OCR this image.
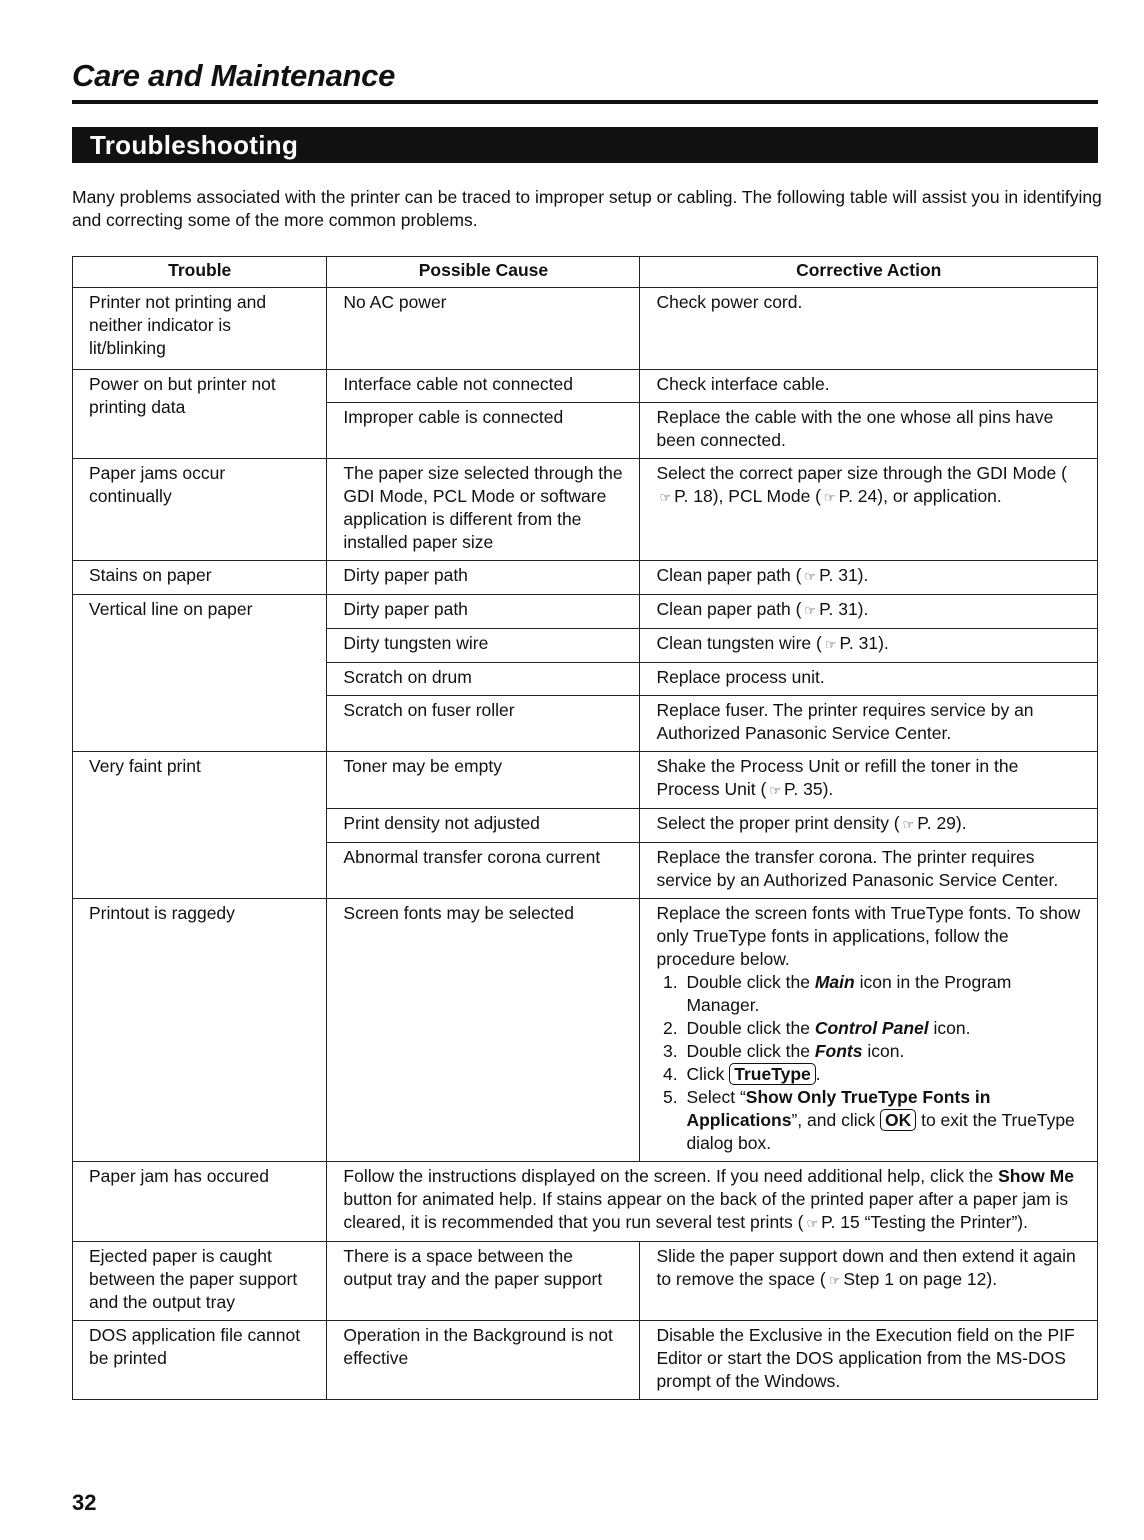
Care and Maintenance
Troubleshooting
Many problems associated with the printer can be traced to improper setup or cabling. The following table will assist you in identifying and correcting some of the more common problems.
Trouble	Possible Cause	Corrective Action
Printer not printing and neither indicator is lit/blinking	No AC power	Check power cord.
Power on but printer not printing data	Interface cable not connected	Check interface cable.
	Improper cable is connected	Replace the cable with the one whose all pins have been connected.
Paper jams occur continually	The paper size selected through the GDI Mode, PCL Mode or software application is different from the installed paper size	Select the correct paper size through the GDI Mode (☞ P. 18), PCL Mode ( ☞ P. 24), or application.
Stains on paper	Dirty paper path	Clean paper path ( ☞ P. 31).
Vertical line on paper	Dirty paper path	Clean paper path ( ☞ P. 31).
	Dirty tungsten wire	Clean tungsten wire ( ☞ P. 31).
	Scratch on drum	Replace process unit.
	Scratch on fuser roller	Replace fuser. The printer requires service by an Authorized Panasonic Service Center.
Very faint print	Toner may be empty	Shake the Process Unit or refill the toner in the Process Unit ( ☞ P. 35).
	Print density not adjusted	Select the proper print density ( ☞ P. 29).
	Abnormal transfer corona current	Replace the transfer corona. The printer requires service by an Authorized Panasonic Service Center.
Printout is raggedy	Screen fonts may be selected	Replace the screen fonts with TrueType fonts. To show only TrueType fonts in applications, follow the procedure below.
1. Double click the Main icon in the Program Manager.
2. Double click the Control Panel icon.
3. Double click the Fonts icon.
4. Click TrueType .
5. Select “Show Only TrueType Fonts in Applications”, and click OK to exit the TrueType dialog box.

Paper jam has occured	Follow the instructions displayed on the screen. If you need additional help, click the Show Me button for animated help. If stains appear on the back of the printed paper after a paper jam is cleared, it is recommended that you run several test prints ( ☞ P. 15 “Testing the Printer”).	
Ejected paper is caught between the paper support and the output tray	There is a space between the output tray and the paper support	Slide the paper support down and then extend it again to remove the space ( ☞ Step 1 on page 12).
DOS application file cannot be printed	Operation in the Background is not effective	Disable the Exclusive in the Execution field on the PIF Editor or start the DOS application from the MS-DOS prompt of the Windows.
32
